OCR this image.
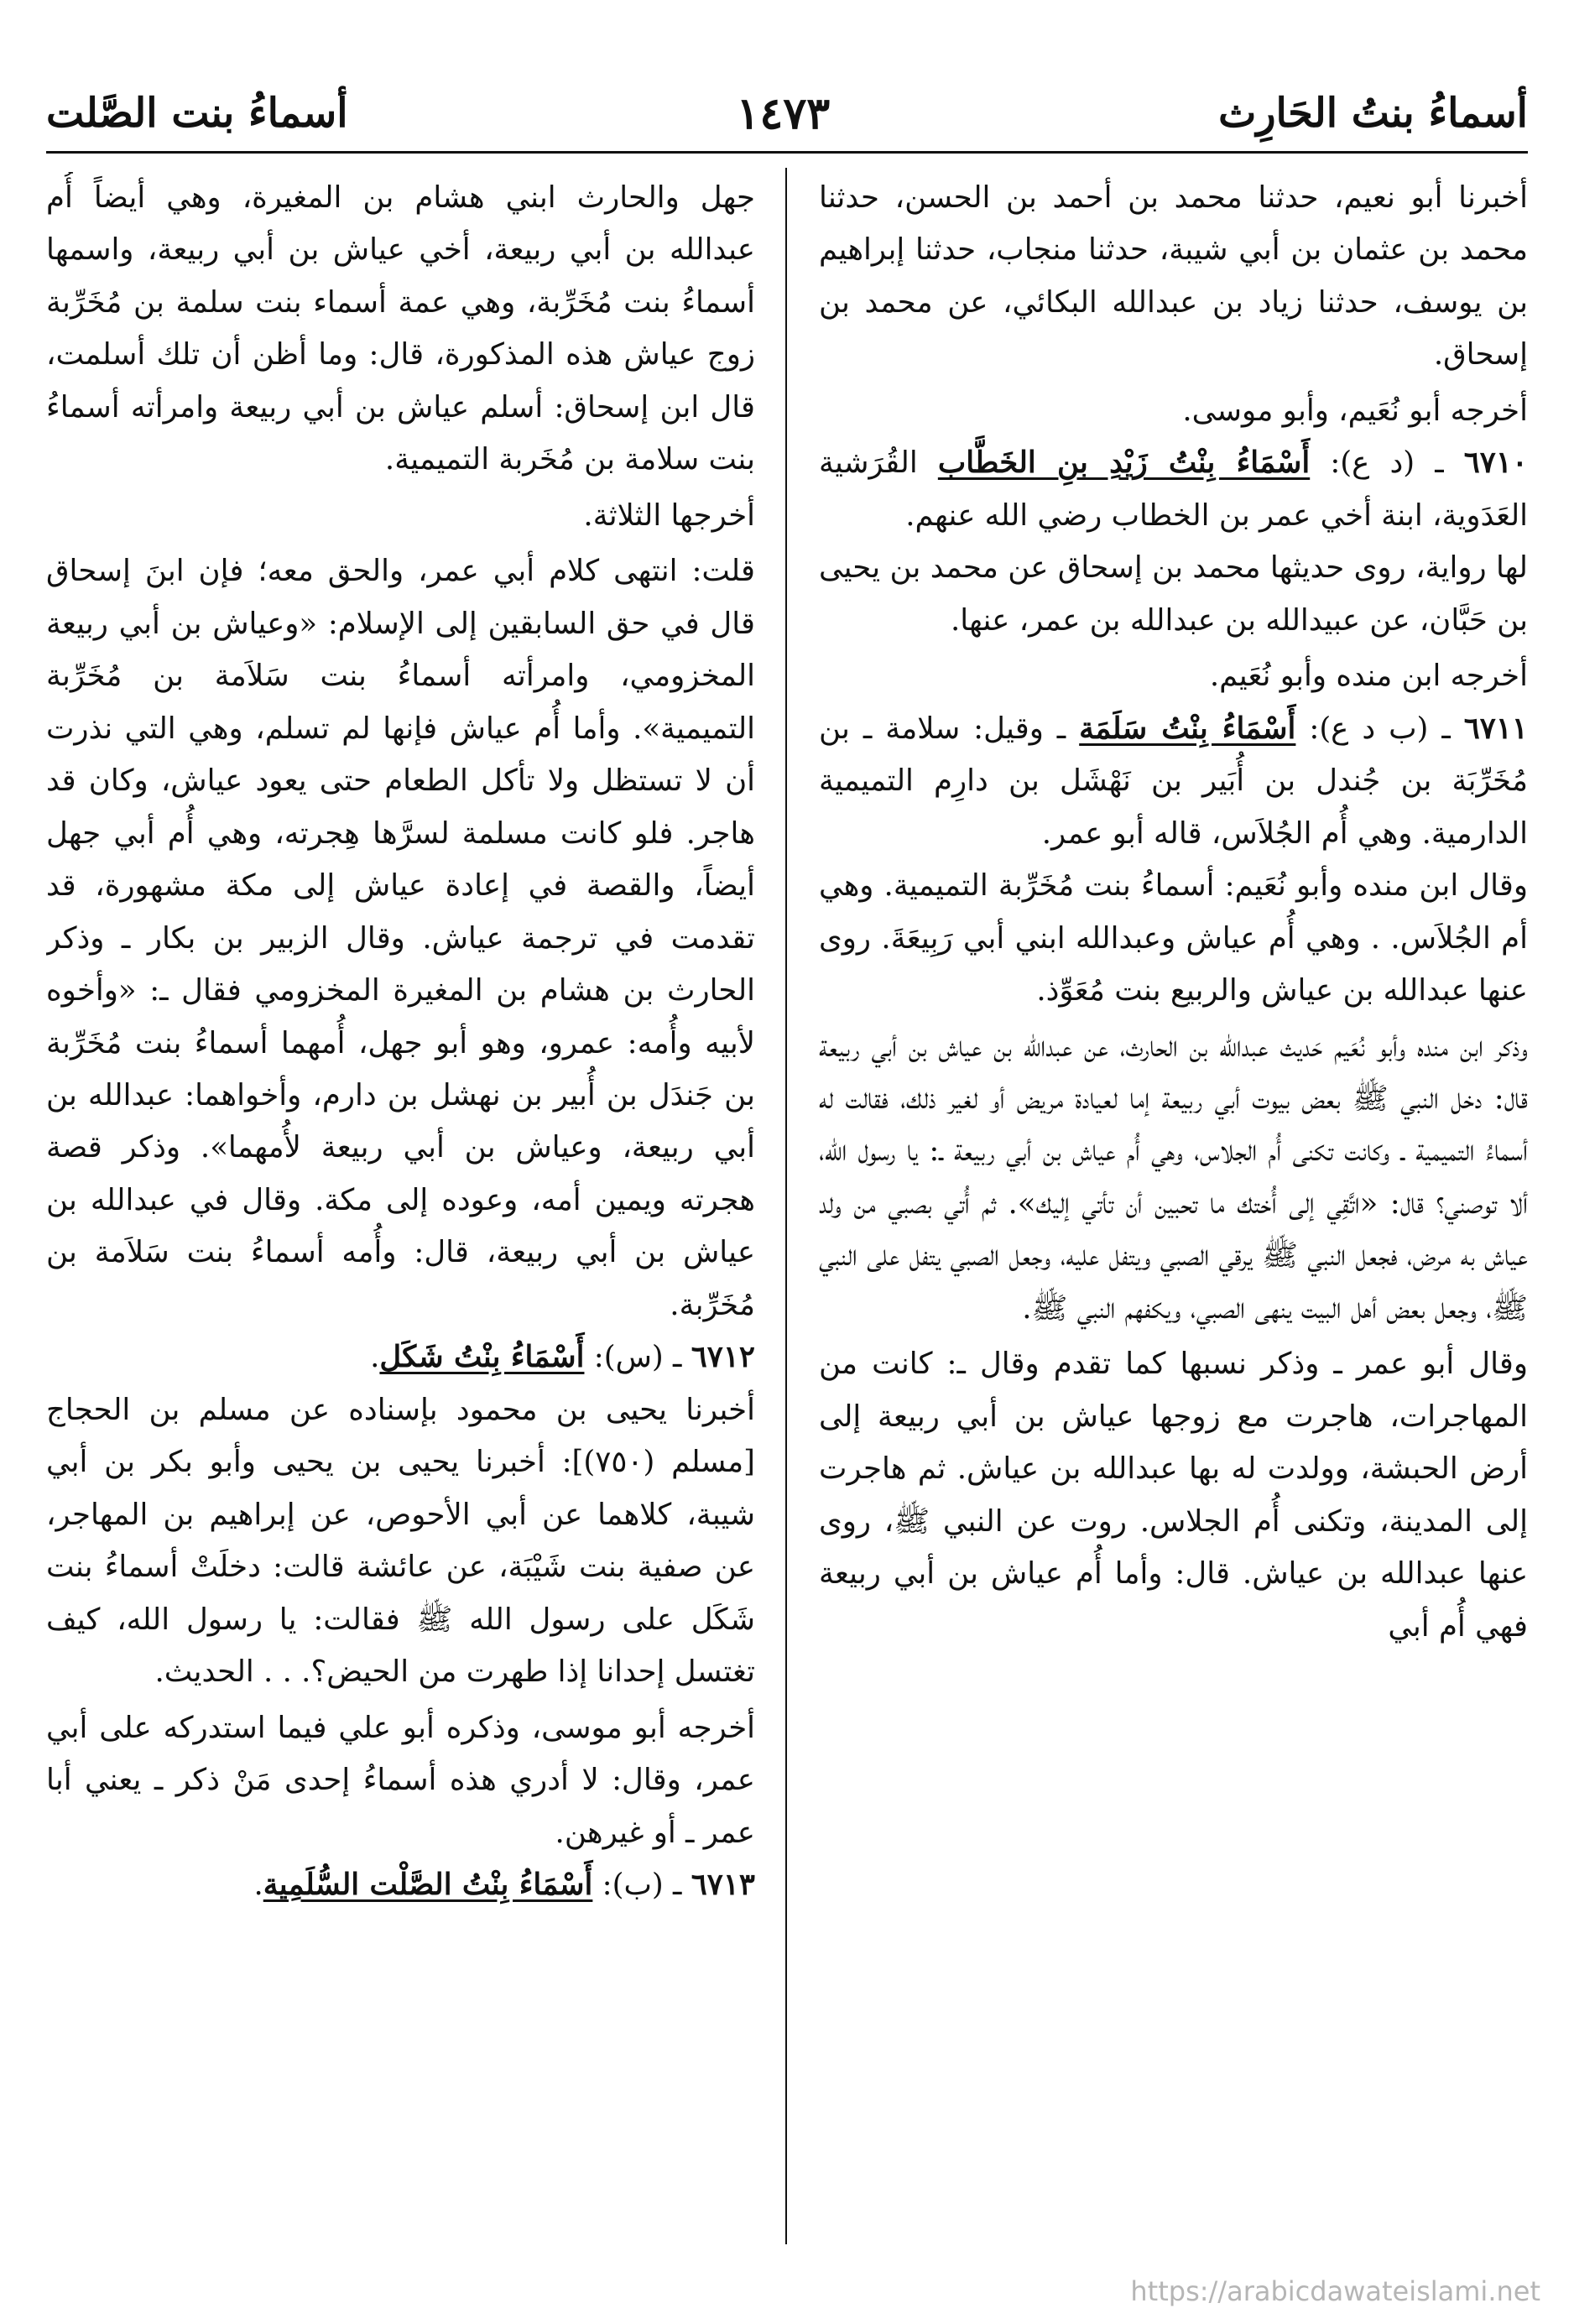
أسماءُ بنتُ الحَارِث
١٤٧٣
أسماءُ بنت الصَّلت

أخبرنا أبو نعيم، حدثنا محمد بن أحمد بن الحسن، حدثنا محمد بن عثمان بن أبي شيبة، حدثنا منجاب، حدثنا إبراهيم بن يوسف، حدثنا زياد بن عبدالله البكائي، عن محمد بن إسحاق.

أخرجه أبو نُعَيم، وأبو موسى.

٦٧١٠ ـ (د ع): أَسْمَاءُ بِنْتُ زَيْدِ بنِ الخَطَّاب القُرَشية العَدَوية، ابنة أخي عمر بن الخطاب رضي الله عنهم.

لها رواية، روى حديثها محمد بن إسحاق عن محمد بن يحيى بن حَبَّان، عن عبيدالله بن عبدالله بن عمر، عنها.

أخرجه ابن منده وأبو نُعَيم.

٦٧١١ ـ (ب د ع): أَسْمَاءُ بِنْتُ سَلَمَة ـ وقيل: سلامة ـ بن مُخَرِّبَة بن جُندل بن أُبَير بن نَهْشَل بن دارِم التميمية الدارمية. وهي أُم الجُلاَس، قاله أبو عمر.

وقال ابن منده وأبو نُعَيم: أسماءُ بنت مُخَرِّبة التميمية. وهي أم الجُلاَس. . وهي أُم عياش وعبدالله ابني أبي رَبِيعَةَ. روى عنها عبدالله بن عياش والربيع بنت مُعَوِّذ.

وذكر ابن منده وأبو نُعَيم حَديث عبدالله بن الحارث، عن عبدالله بن عياش بن أبي ربيعة قال: دخل النبي ﷺ بعض بيوت أبي ربيعة إما لعيادة مريض أو لغير ذلك، فقالت له أسماءُ التميمية ـ وكانت تكنى أُم الجلاس، وهي أُم عياش بن أبي ربيعة ـ: يا رسول الله، ألا توصني؟ قال: «اتَّقِي إلى أُختك ما تحبين أن تأتي إليك». ثم أُتي بصبي من ولد عياش به مرض، فجعل النبي ﷺ يرقي الصبي ويتفل عليه، وجعل الصبي يتفل على النبي ﷺ، وجعل بعض أهل البيت ينهى الصبي، ويكفهم النبي ﷺ.

وقال أبو عمر ـ وذكر نسبها كما تقدم وقال ـ: كانت من المهاجرات، هاجرت مع زوجها عياش بن أبي ربيعة إلى أرض الحبشة، وولدت له بها عبدالله بن عياش. ثم هاجرت إلى المدينة، وتكنى أُم الجلاس. روت عن النبي ﷺ، روى عنها عبدالله بن عياش. قال: وأما أُم عياش بن أبي ربيعة فهي أُم أبي

جهل والحارث ابني هشام بن المغيرة، وهي أيضاً أُم عبدالله بن أبي ربيعة، أخي عياش بن أبي ربيعة، واسمها أسماءُ بنت مُخَرِّبة، وهي عمة أسماء بنت سلمة بن مُخَرِّبة زوج عياش هذه المذكورة، قال: وما أظن أن تلك أسلمت، قال ابن إسحاق: أسلم عياش بن أبي ربيعة وامرأته أسماءُ بنت سلامة بن مُخَربة التميمية.

أخرجها الثلاثة.

قلت: انتهى كلام أبي عمر، والحق معه؛ فإن ابنَ إسحاق قال في حق السابقين إلى الإسلام: «وعياش بن أبي ربيعة المخزومي، وامرأته أسماءُ بنت سَلاَمة بن مُخَرِّبة التميمية». وأما أُم عياش فإنها لم تسلم، وهي التي نذرت أن لا تستظل ولا تأكل الطعام حتى يعود عياش، وكان قد هاجر. فلو كانت مسلمة لسرَّها هِجرته، وهي أُم أبي جهل أيضاً، والقصة في إعادة عياش إلى مكة مشهورة، قد تقدمت في ترجمة عياش. وقال الزبير بن بكار ـ وذكر الحارث بن هشام بن المغيرة المخزومي فقال ـ: «وأخوه لأبيه وأُمه: عمرو، وهو أبو جهل، أُمهما أسماءُ بنت مُخَرِّبة بن جَندَل بن أُبير بن نهشل بن دارم، وأخواهما: عبدالله بن أبي ربيعة، وعياش بن أبي ربيعة لأُمهما». وذكر قصة هجرته ويمين أمه، وعوده إلى مكة. وقال في عبدالله بن عياش بن أبي ربيعة، قال: وأُمه أسماءُ بنت سَلاَمة بن مُخَرِّبة.

٦٧١٢ ـ (س): أَسْمَاءُ بِنْتُ شَكَل.

أخبرنا يحيى بن محمود بإسناده عن مسلم بن الحجاج [مسلم (٧٥٠)]: أخبرنا يحيى بن يحيى وأبو بكر بن أبي شيبة، كلاهما عن أبي الأحوص، عن إبراهيم بن المهاجر، عن صفية بنت شَيْبَة، عن عائشة قالت: دخلَتْ أسماءُ بنت شَكَل على رسول الله ﷺ فقالت: يا رسول الله، كيف تغتسل إحدانا إذا طهرت من الحيض؟. . . الحديث.

أخرجه أبو موسى، وذكره أبو علي فيما استدركه على أبي عمر، وقال: لا أدري هذه أسماءُ إحدى مَنْ ذكر ـ يعني أبا عمر ـ أو غيرهن.

٦٧١٣ ـ (ب): أَسْمَاءُ بِنْتُ الصَّلْت السُّلَمِية.

https://arabicdawateislami.net
